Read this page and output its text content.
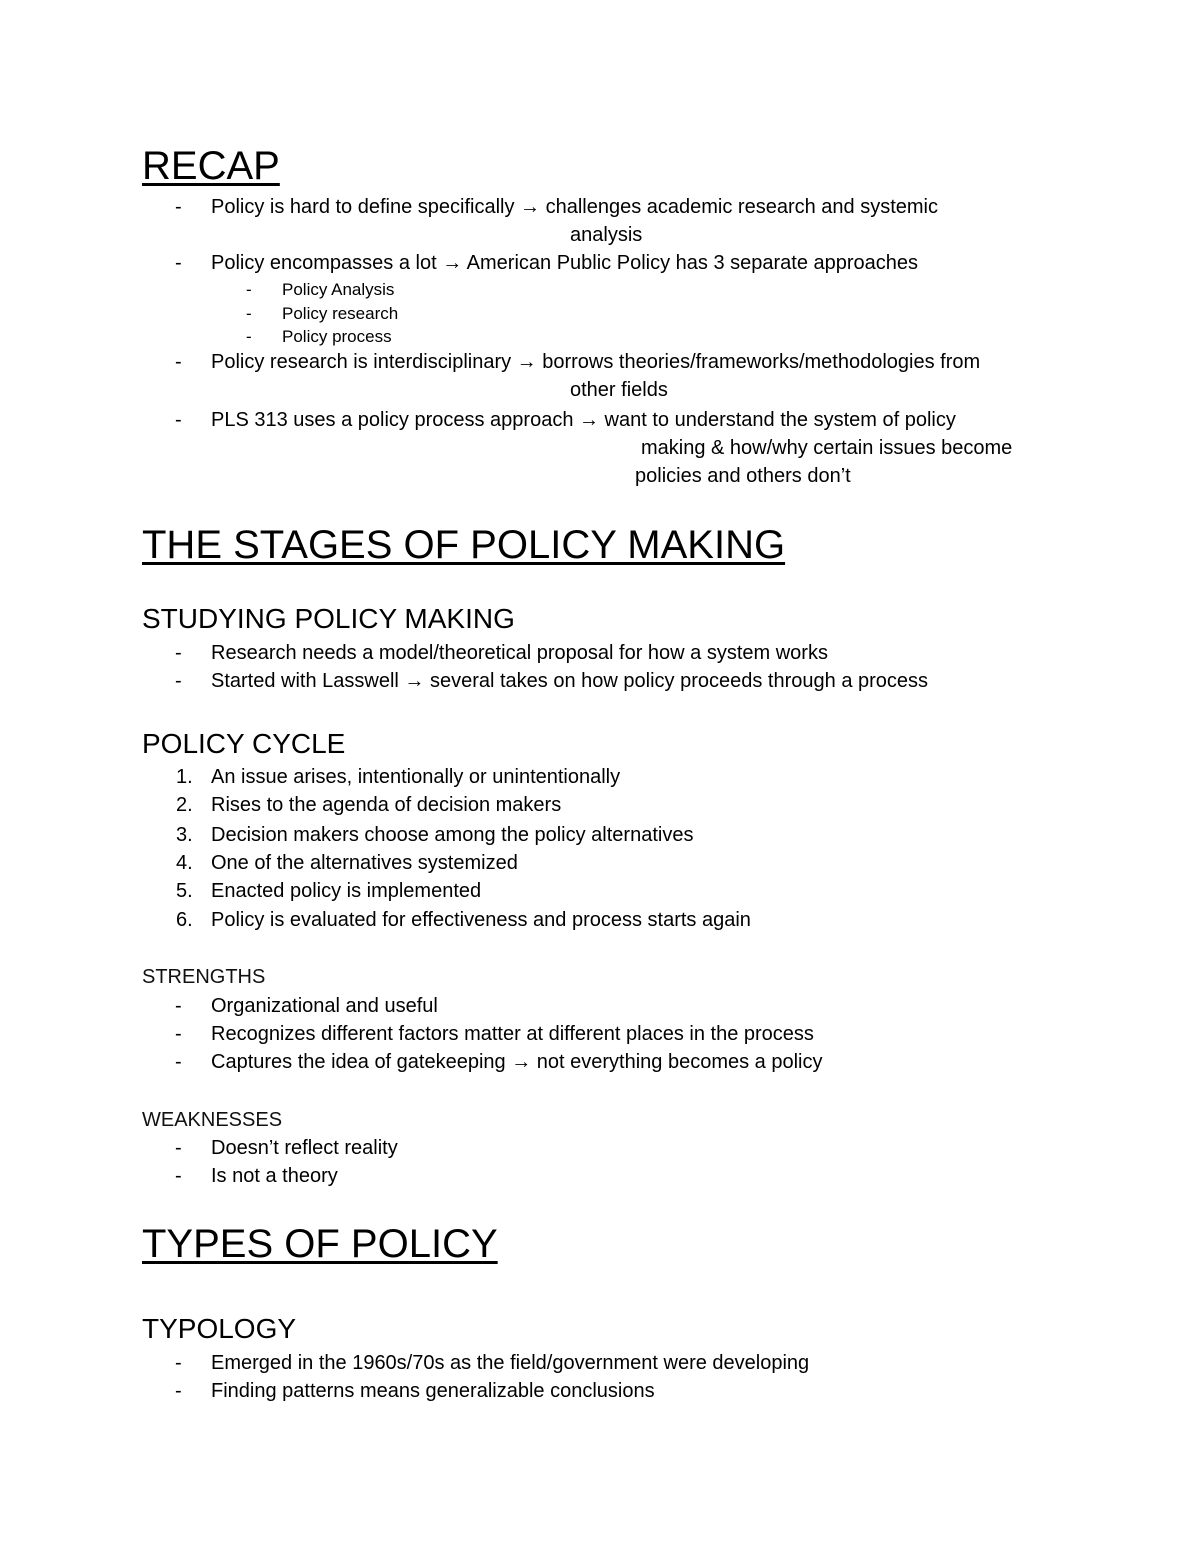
RECAP
- Policy is hard to define specifically → challenges academic research and systemic
analysis
- Policy encompasses a lot → American Public Policy has 3 separate approaches
- Policy Analysis
- Policy research
- Policy process
- Policy research is interdisciplinary → borrows theories/frameworks/methodologies from
other fields
- PLS 313 uses a policy process approach → want to understand the system of policy
making & how/why certain issues become
policies and others don’t
THE STAGES OF POLICY MAKING
STUDYING POLICY MAKING
- Research needs a model/theoretical proposal for how a system works
- Started with Lasswell → several takes on how policy proceeds through a process
POLICY CYCLE
1. An issue arises, intentionally or unintentionally
2. Rises to the agenda of decision makers
3. Decision makers choose among the policy alternatives
4. One of the alternatives systemized
5. Enacted policy is implemented
6. Policy is evaluated for effectiveness and process starts again
STRENGTHS
- Organizational and useful
- Recognizes different factors matter at different places in the process
- Captures the idea of gatekeeping → not everything becomes a policy
WEAKNESSES
- Doesn’t reflect reality
- Is not a theory
TYPES OF POLICY
TYPOLOGY
- Emerged in the 1960s/70s as the field/government were developing
- Finding patterns means generalizable conclusions
